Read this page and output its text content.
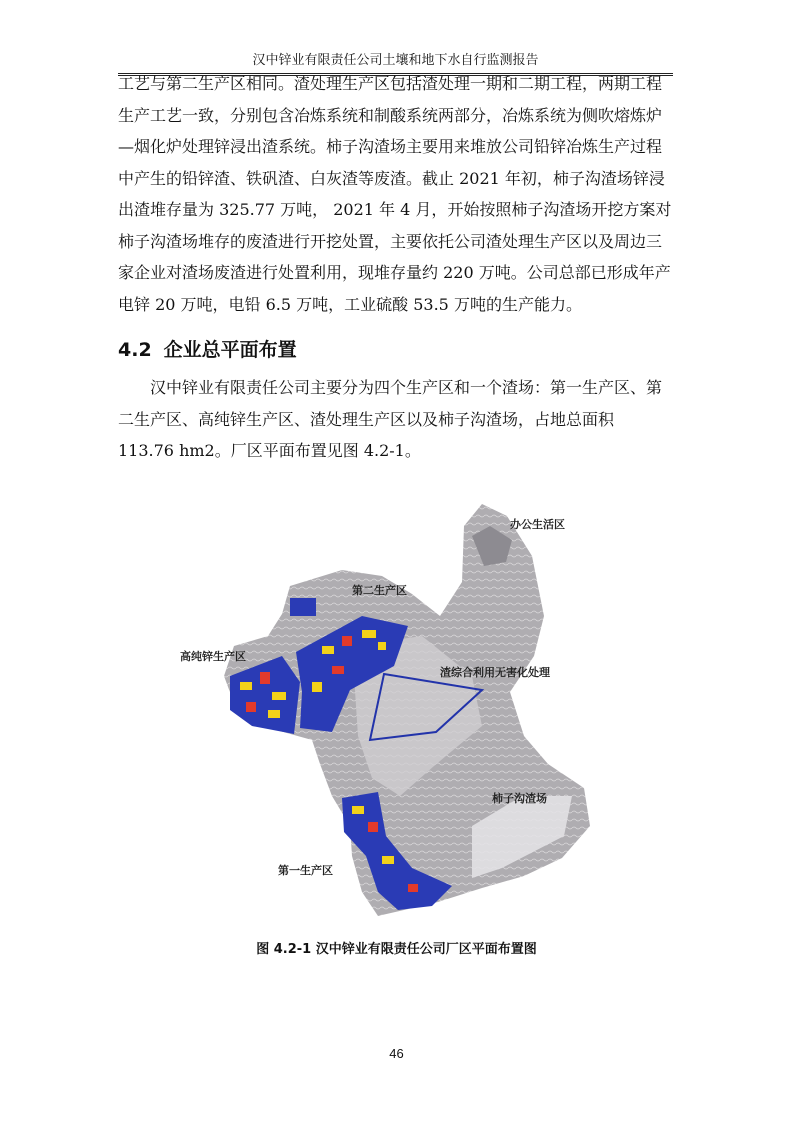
汉中锌业有限责任公司土壤和地下水自行监测报告

工艺与第二生产区相同。渣处理生产区包括渣处理一期和二期工程，两期工程生产工艺一致，分别包含冶炼系统和制酸系统两部分，冶炼系统为侧吹熔炼炉—烟化炉处理锌浸出渣系统。柿子沟渣场主要用来堆放公司铅锌冶炼生产过程中产生的铅锌渣、铁矾渣、白灰渣等废渣。截止 2021 年初，柿子沟渣场锌浸出渣堆存量为 325.77 万吨， 2021 年 4 月，开始按照柿子沟渣场开挖方案对柿子沟渣场堆存的废渣进行开挖处置，主要依托公司渣处理生产区以及周边三家企业对渣场废渣进行处置利用，现堆存量约 220 万吨。公司总部已形成年产电锌 20 万吨，电铅 6.5 万吨，工业硫酸 53.5 万吨的生产能力。

4.2 企业总平面布置

汉中锌业有限责任公司主要分为四个生产区和一个渣场：第一生产区、第二生产区、高纯锌生产区、渣处理生产区以及柿子沟渣场，占地总面积 113.76 hm2。厂区平面布置见图 4.2-1。

办公生活区
第二生产区
高纯锌生产区
渣综合利用无害化处理
柿子沟渣场
第一生产区
图 4.2-1 汉中锌业有限责任公司厂区平面布置图
46
